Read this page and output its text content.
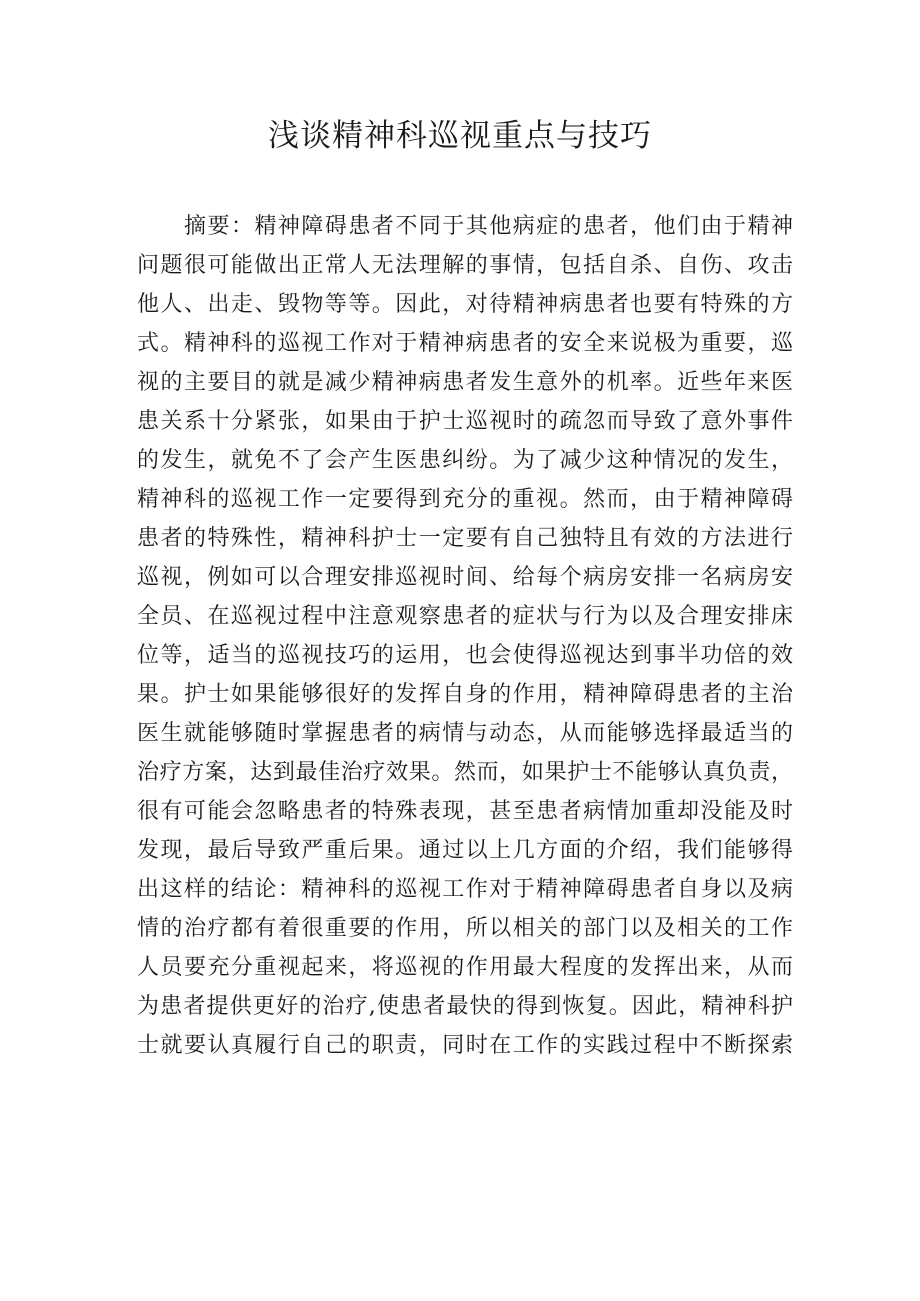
浅谈精神科巡视重点与技巧
摘要：精神障碍患者不同于其他病症的患者，他们由于精神
问题很可能做出正常人无法理解的事情，包括自杀、自伤、攻击
他人、出走、毁物等等。因此，对待精神病患者也要有特殊的方
式。精神科的巡视工作对于精神病患者的安全来说极为重要，巡
视的主要目的就是减少精神病患者发生意外的机率。近些年来医
患关系十分紧张，如果由于护士巡视时的疏忽而导致了意外事件
的发生，就免不了会产生医患纠纷。为了减少这种情况的发生，
精神科的巡视工作一定要得到充分的重视。然而，由于精神障碍
患者的特殊性，精神科护士一定要有自己独特且有效的方法进行
巡视，例如可以合理安排巡视时间、给每个病房安排一名病房安
全员、在巡视过程中注意观察患者的症状与行为以及合理安排床
位等，适当的巡视技巧的运用，也会使得巡视达到事半功倍的效
果。护士如果能够很好的发挥自身的作用，精神障碍患者的主治
医生就能够随时掌握患者的病情与动态，从而能够选择最适当的
治疗方案，达到最佳治疗效果。然而，如果护士不能够认真负责，
很有可能会忽略患者的特殊表现，甚至患者病情加重却没能及时
发现，最后导致严重后果。通过以上几方面的介绍，我们能够得
出这样的结论：精神科的巡视工作对于精神障碍患者自身以及病
情的治疗都有着很重要的作用，所以相关的部门以及相关的工作
人员要充分重视起来，将巡视的作用最大程度的发挥出来，从而
为患者提供更好的治疗,使患者最快的得到恢复。因此，精神科护
士就要认真履行自己的职责，同时在工作的实践过程中不断探索
